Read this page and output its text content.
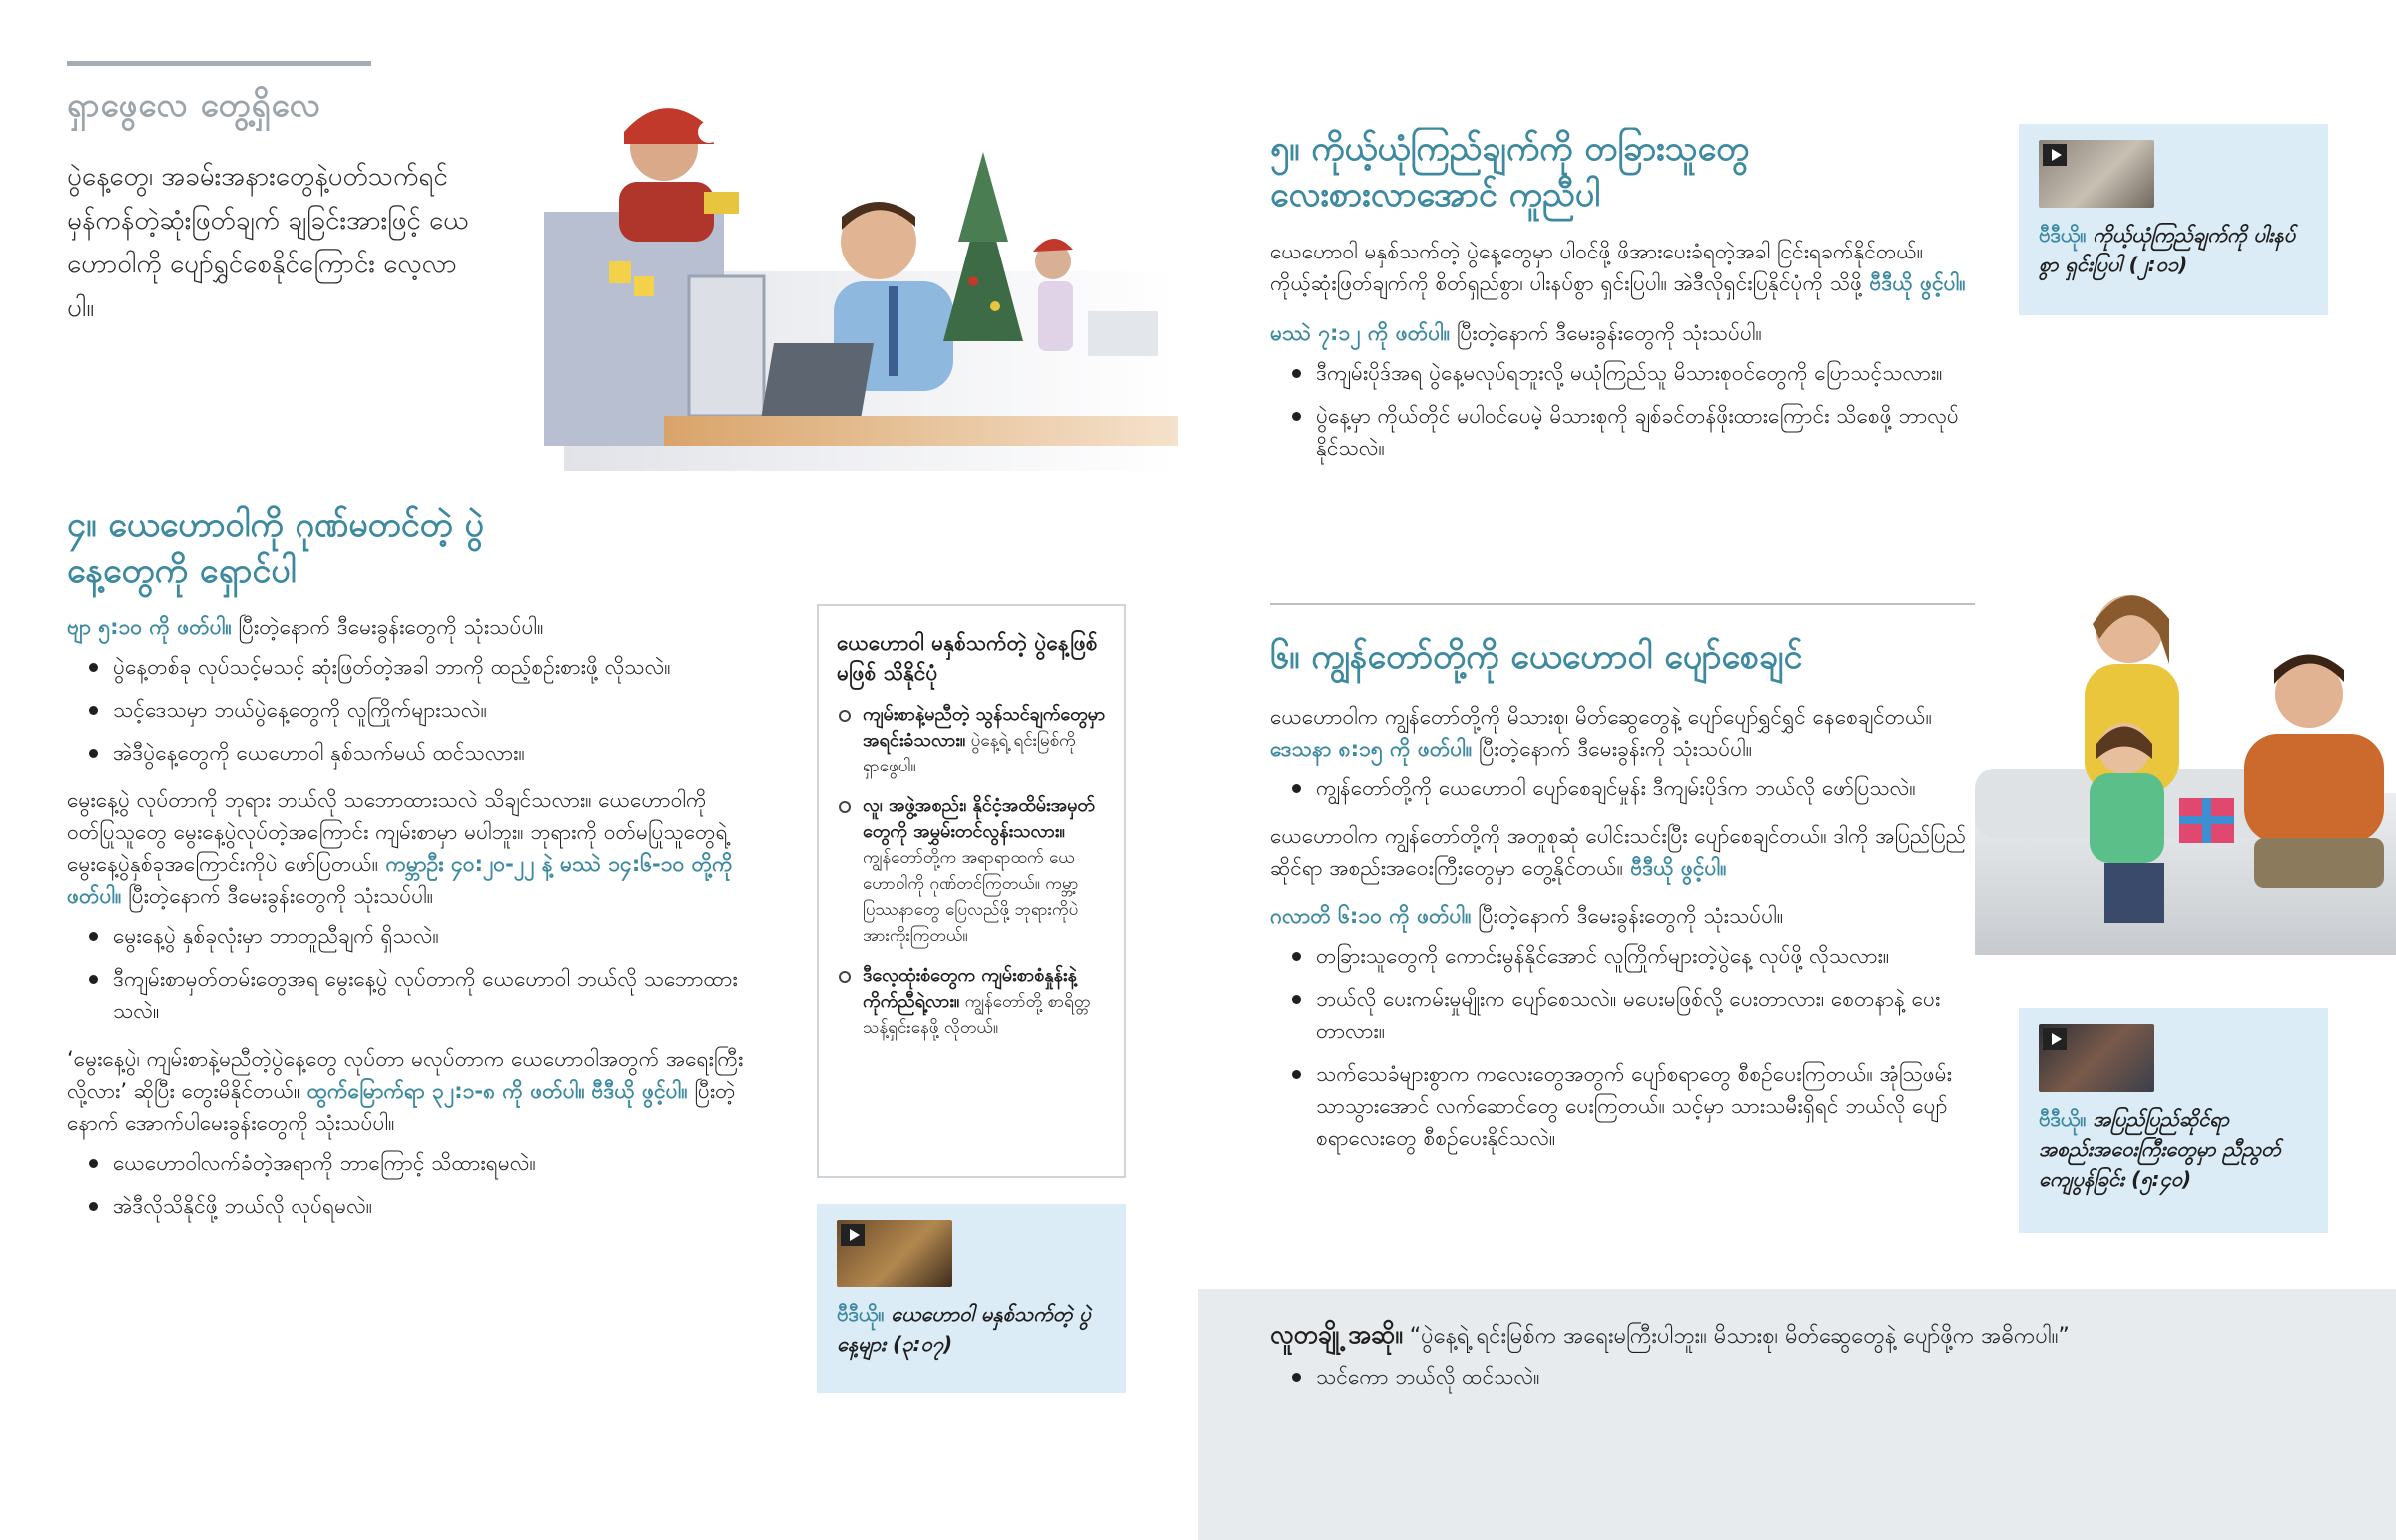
ရှာဖွေလေ တွေ့ရှိလေ
ပွဲနေ့တွေ၊ အခမ်းအနားတွေနဲ့ပတ်သက်ရင် မှန်ကန်တဲ့ဆုံးဖြတ်ချက် ချခြင်းအားဖြင့် ယေဟောဝါကို ပျော်ရွှင်စေနိုင်ကြောင်း လေ့လာပါ။
၄။ ယေဟောဝါကို ဂုဏ်မတင်တဲ့ ပွဲနေ့တွေကို ရှောင်ပါ

ဗျာ ၅:၁၀ ကို ဖတ်ပါ။ ပြီးတဲ့နောက် ဒီမေးခွန်းတွေကို သုံးသပ်ပါ။

ပွဲနေ့တစ်ခု လုပ်သင့်မသင့် ဆုံးဖြတ်တဲ့အခါ ဘာကို ထည့်စဉ်းစားဖို့ လိုသလဲ။
သင့်ဒေသမှာ ဘယ်ပွဲနေ့တွေကို လူကြိုက်များသလဲ။
အဲဒီပွဲနေ့တွေကို ယေဟောဝါ နှစ်သက်မယ် ထင်သလား။

မွေးနေ့ပွဲ လုပ်တာကို ဘုရား ဘယ်လို သဘောထားသလဲ သိချင်သလား။ ယေဟောဝါကို ဝတ်ပြုသူတွေ မွေးနေ့ပွဲလုပ်တဲ့အကြောင်း ကျမ်းစာမှာ မပါဘူး။ ဘုရားကို ဝတ်မပြုသူတွေရဲ့ မွေးနေ့ပွဲနှစ်ခုအကြောင်းကိုပဲ ဖော်ပြတယ်။ ကမ္ဘာဦး ၄၀:၂၀-၂၂ နဲ့ မဿဲ ၁၄:၆-၁၀ တို့ကို ဖတ်ပါ။ ပြီးတဲ့နောက် ဒီမေးခွန်းတွေကို သုံးသပ်ပါ။

မွေးနေ့ပွဲ နှစ်ခုလုံးမှာ ဘာတူညီချက် ရှိသလဲ။
ဒီကျမ်းစာမှတ်တမ်းတွေအရ မွေးနေ့ပွဲ လုပ်တာကို ယေဟောဝါ ဘယ်လို သဘောထားသလဲ။

‘မွေးနေ့ပွဲ၊ ကျမ်းစာနဲ့မညီတဲ့ပွဲနေ့တွေ လုပ်တာ မလုပ်တာက ယေဟောဝါအတွက် အရေးကြီးလို့လား’ ဆိုပြီး တွေးမိနိုင်တယ်။ ထွက်မြောက်ရာ ၃၂:၁-၈ ကို ဖတ်ပါ။ ဗီဒီယို ဖွင့်ပါ။ ပြီးတဲ့နောက် အောက်ပါမေးခွန်းတွေကို သုံးသပ်ပါ။

ယေဟောဝါလက်ခံတဲ့အရာကို ဘာကြောင့် သိထားရမလဲ။
အဲဒီလိုသိနိုင်ဖို့ ဘယ်လို လုပ်ရမလဲ။
ယေဟောဝါ မနှစ်သက်တဲ့ ပွဲနေ့ဖြစ်မဖြစ် သိနိုင်ပုံ
ကျမ်းစာနဲ့မညီတဲ့ သွန်သင်ချက်တွေမှာ အရင်းခံသလား။ ပွဲနေ့ရဲ့ ရင်းမြစ်ကို ရှာဖွေပါ။
လူ၊ အဖွဲ့အစည်း၊ နိုင်ငံ့အထိမ်းအမှတ်တွေကို အမွှမ်းတင်လွန်းသလား။ ကျွန်တော်တို့က အရာရာထက် ယေဟောဝါကို ဂုဏ်တင်ကြတယ်။ ကမ္ဘာ့ပြဿနာတွေ ပြေလည်ဖို့ ဘုရားကိုပဲ အားကိုးကြတယ်။
ဒီလေ့ထုံးစံတွေက ကျမ်းစာစံနှုန်းနဲ့ ကိုက်ညီရဲ့လား။ ကျွန်တော်တို့ စာရိတ္တသန့်ရှင်းနေဖို့ လိုတယ်။
ဗီဒီယို။ ယေဟောဝါ မနှစ်သက်တဲ့ ပွဲနေ့များ (၃:၀၇)
၅။ ကိုယ့်ယုံကြည်ချက်ကို တခြားသူတွေ လေးစားလာအောင် ကူညီပါ

ယေဟောဝါ မနှစ်သက်တဲ့ ပွဲနေ့တွေမှာ ပါဝင်ဖို့ ဖိအားပေးခံရတဲ့အခါ ငြင်းရခက်နိုင်တယ်။ ကိုယ့်ဆုံးဖြတ်ချက်ကို စိတ်ရှည်စွာ၊ ပါးနပ်စွာ ရှင်းပြပါ။ အဲဒီလိုရှင်းပြနိုင်ပုံကို သိဖို့ ဗီဒီယို ဖွင့်ပါ။

မဿဲ ၇:၁၂ ကို ဖတ်ပါ။ ပြီးတဲ့နောက် ဒီမေးခွန်းတွေကို သုံးသပ်ပါ။

ဒီကျမ်းပိုဒ်အရ ပွဲနေ့မလုပ်ရဘူးလို့ မယုံကြည်သူ မိသားစုဝင်တွေကို ပြောသင့်သလား။
ပွဲနေ့မှာ ကိုယ်တိုင် မပါဝင်ပေမဲ့ မိသားစုကို ချစ်ခင်တန်ဖိုးထားကြောင်း သိစေဖို့ ဘာလုပ်နိုင်သလဲ။
ဗီဒီယို။ ကိုယ့်ယုံကြည်ချက်ကို ပါးနပ်စွာ ရှင်းပြပါ (၂:၀၁)
၆။ ကျွန်တော်တို့ကို ယေဟောဝါ ပျော်စေချင်

ယေဟောဝါက ကျွန်တော်တို့ကို မိသားစု၊ မိတ်ဆွေတွေနဲ့ ပျော်ပျော်ရွှင်ရွှင် နေစေချင်တယ်။ ဒေသနာ ၈:၁၅ ကို ဖတ်ပါ။ ပြီးတဲ့နောက် ဒီမေးခွန်းကို သုံးသပ်ပါ။

ကျွန်တော်တို့ကို ယေဟောဝါ ပျော်စေချင်မှုန်း ဒီကျမ်းပိုဒ်က ဘယ်လို ဖော်ပြသလဲ။

ယေဟောဝါက ကျွန်တော်တို့ကို အတူစုဆုံ ပေါင်းသင်းပြီး ပျော်စေချင်တယ်။ ဒါကို အပြည်ပြည်ဆိုင်ရာ အစည်းအဝေးကြီးတွေမှာ တွေ့နိုင်တယ်။ ဗီဒီယို ဖွင့်ပါ။

ဂလာတိ ၆:၁၀ ကို ဖတ်ပါ။ ပြီးတဲ့နောက် ဒီမေးခွန်းတွေကို သုံးသပ်ပါ။

တခြားသူတွေကို ကောင်းမွန်နိုင်အောင် လူကြိုက်များတဲ့ပွဲနေ့ လုပ်ဖို့ လိုသလား။
ဘယ်လို ပေးကမ်းမှုမျိုးက ပျော်စေသလဲ။ မပေးမဖြစ်လို့ ပေးတာလား၊ စေတနာနဲ့ ပေးတာလား။
သက်သေခံများစွာက ကလေးတွေအတွက် ပျော်စရာတွေ စီစဉ်ပေးကြတယ်။ အုံသြဖမ်းသာသွားအောင် လက်ဆောင်တွေ ပေးကြတယ်။ သင့်မှာ သားသမီးရှိရင် ဘယ်လို ပျော်စရာလေးတွေ စီစဉ်ပေးနိုင်သလဲ။
ဗီဒီယို။ အပြည်ပြည်ဆိုင်ရာ အစည်းအဝေးကြီးတွေမှာ ညီညွတ်ကျေပွန်ခြင်း (၅:၄၀)

လူတချို့ အဆို။ “ပွဲနေ့ရဲ့ ရင်းမြစ်က အရေးမကြီးပါဘူး။ မိသားစု၊ မိတ်ဆွေတွေနဲ့ ပျော်ဖို့က အဓိကပါ။”

သင်ကော ဘယ်လို ထင်သလဲ။
